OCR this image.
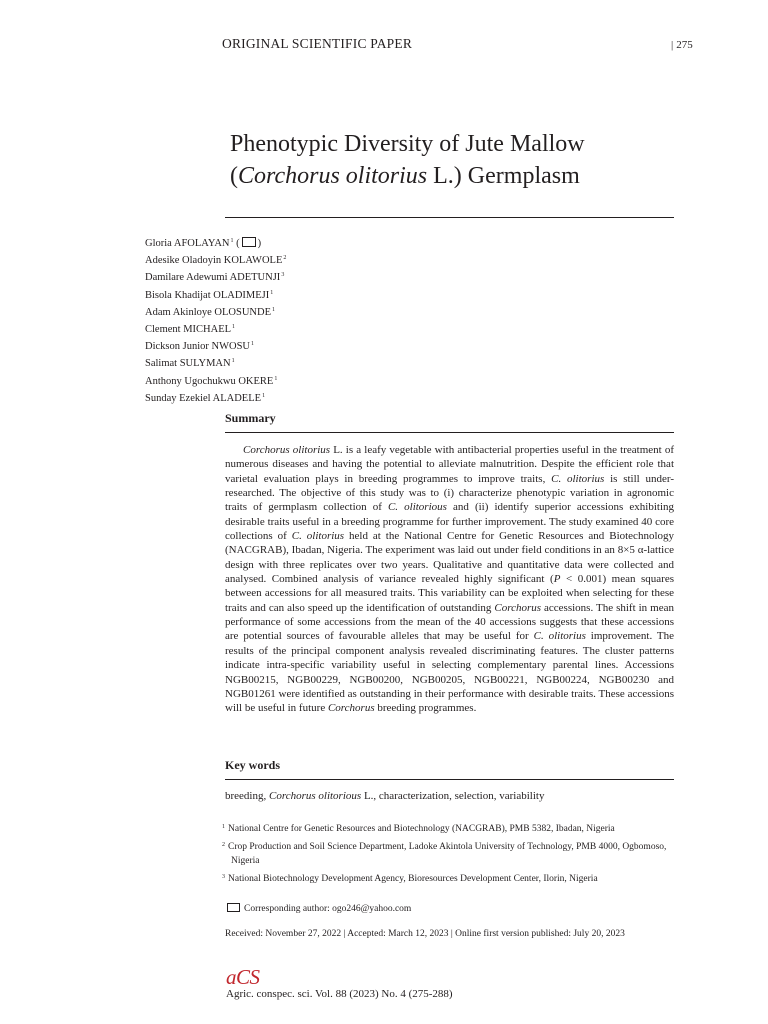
ORIGINAL SCIENTIFIC PAPER	| 275
Phenotypic Diversity of Jute Mallow
(Corchorus olitorius L.) Germplasm
Gloria AFOLAYAN$^1$ ( )
Adesike Oladoyin KOLAWOLE$^2$
Damilare Adewumi ADETUNJI$^3$
Bisola Khadijat OLADIMEJI$^1$
Adam Akinloye OLOSUNDE$^1$
Clement MICHAEL$^1$
Dickson Junior NWOSU$^1$
Salimat SULYMAN$^1$
Anthony Ugochukwu OKERE$^1$
Sunday Ezekiel ALADELE$^1$
Summary

Corchorus olitorius L. is a leafy vegetable with antibacterial properties useful in the treatment of numerous diseases and having the potential to alleviate malnutrition. Despite the efficient role that varietal evaluation plays in breeding programmes to improve traits, C. olitorius is still under-researched. The objective of this study was to (i) characterize phenotypic variation in agronomic traits of germplasm collection of C. olitorious and (ii) identify superior accessions exhibiting desirable traits useful in a breeding programme for further improvement. The study examined 40 core collections of C. olitorius held at the National Centre for Genetic Resources and Biotechnology (NACGRAB), Ibadan, Nigeria. The experiment was laid out under field conditions in an 8×5 α-lattice design with three replicates over two years. Qualitative and quantitative data were collected and analysed. Combined analysis of variance revealed highly significant (P < 0.001) mean squares between accessions for all measured traits. This variability can be exploited when selecting for these traits and can also speed up the identification of outstanding Corchorus accessions. The shift in mean performance of some accessions from the mean of the 40 accessions suggests that these accessions are potential sources of favourable alleles that may be useful for C. olitorius improvement. The results of the principal component analysis revealed discriminating features. The cluster patterns indicate intra-specific variability useful in selecting complementary parental lines. Accessions NGB00215, NGB00229, NGB00200, NGB00205, NGB00221, NGB00224, NGB00230 and NGB01261 were identified as outstanding in their performance with desirable traits. These accessions will be useful in future Corchorus breeding programmes.

Key words
breeding, Corchorus olitorious L., characterization, selection, variability
$^1$ National Centre for Genetic Resources and Biotechnology (NACGRAB), PMB 5382, Ibadan, Nigeria
$^2$ Crop Production and Soil Science Department, Ladoke Akintola University of Technology, PMB 4000, Ogbomoso, Nigeria
$^3$ National Biotechnology Development Agency, Bioresources Development Center, Ilorin, Nigeria
Corresponding author: ogo246@yahoo.com
Received: November 27, 2022 | Accepted: March 12, 2023 | Online first version published: July 20, 2023
aCS
Agric. conspec. sci. Vol. 88 (2023) No. 4 (275-288)
